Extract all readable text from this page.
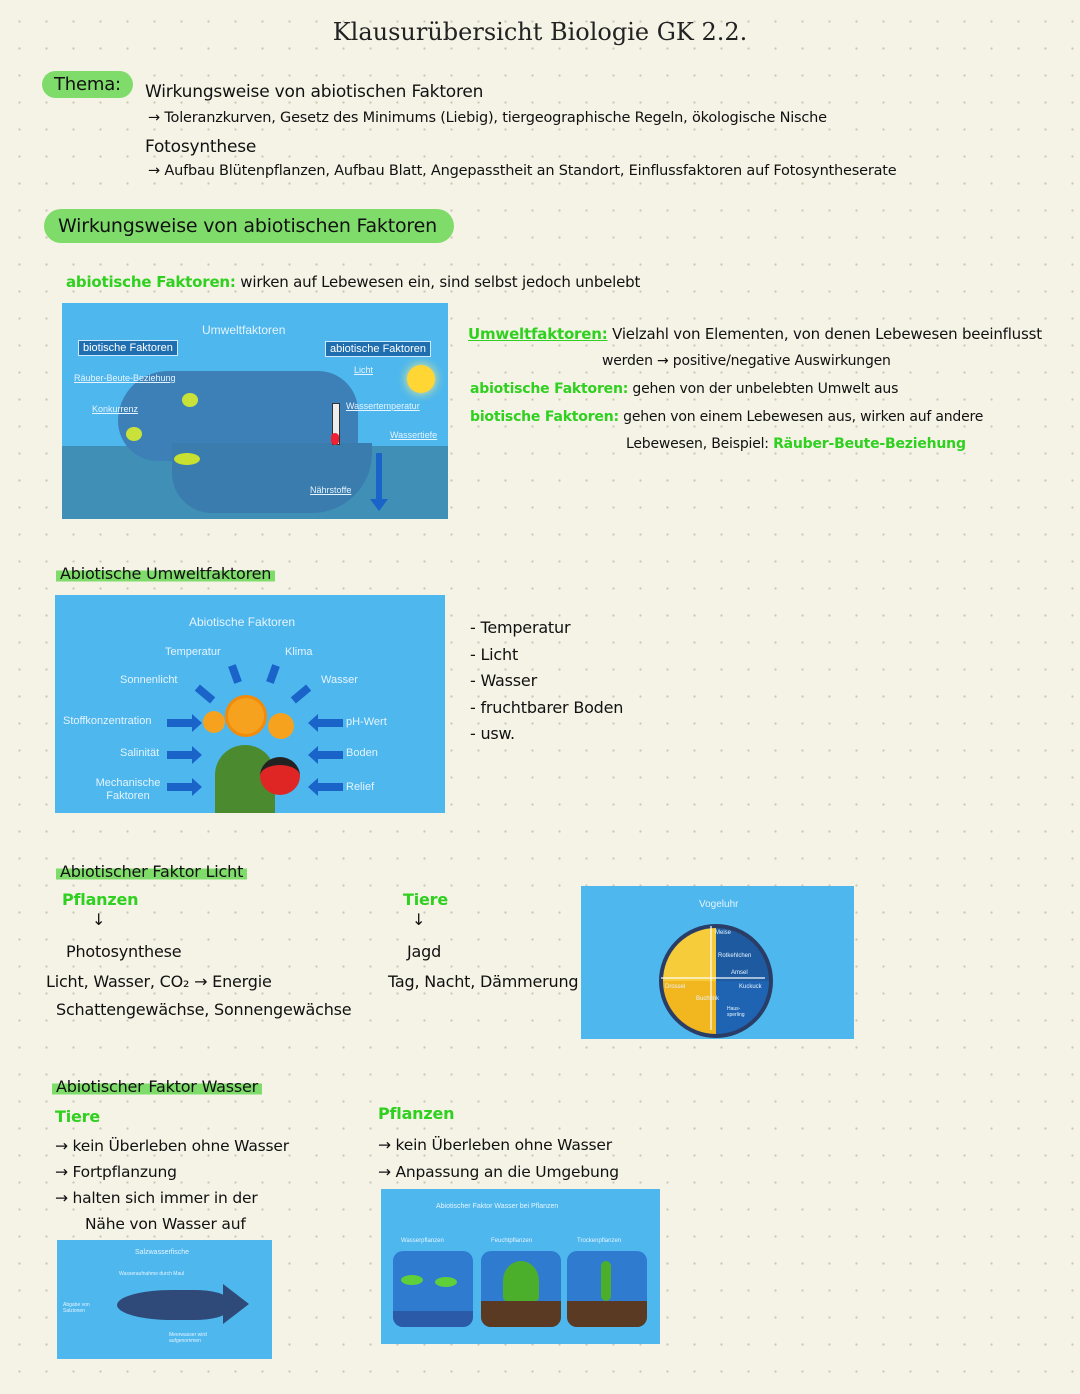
Klausurübersicht Biologie GK 2.2.
Thema:	Wirkungsweise von abiotischen Faktoren
→ Toleranzkurven, Gesetz des Minimums (Liebig), tiergeographische Regeln, ökologische Nische
Fotosynthese
→ Aufbau Blütenpflanzen, Aufbau Blatt, Angepasstheit an Standort, Einflussfaktoren auf Fotosyntheserate
Wirkungsweise von abiotischen Faktoren
abiotische Faktoren: wirken auf Lebewesen ein, sind selbst jedoch unbelebt
Umweltfaktoren
biotische Faktoren	abiotische Faktoren
Räuber-Beute-Beziehung
Konkurrenz
Licht
Wassertemperatur
Wassertiefe
Nährstoffe
Umweltfaktoren: Vielzahl von Elementen, von denen Lebewesen beeinflusst
werden → positive/negative Auswirkungen
abiotische Faktoren: gehen von der unbelebten Umwelt aus
biotische Faktoren: gehen von einem Lebewesen aus, wirken auf andere
Lebewesen, Beispiel: Räuber-Beute-Beziehung
Abiotische Umweltfaktoren
Abiotische Faktoren
Temperatur	Klima
Sonnenlicht	Wasser
Stoffkonzentration	pH-Wert
Salinität	Boden
Mechanische Faktoren
Relief
- Temperatur
- Licht
- Wasser
- fruchtbarer Boden
- usw.
Abiotischer Faktor Licht
Pflanzen
↓
Photosynthese
Licht, Wasser, CO₂ → Energie
Schattengewächse, Sonnengewächse
Tiere
↓
Jagd
Tag, Nacht, Dämmerung
Vogeluhr
Meise
Rotkehlchen
Amsel
Kuckuck
Buchfink
Haus-sperling
Drossel
Abiotischer Faktor Wasser
Tiere
→ kein Überleben ohne Wasser
→ Fortpflanzung
→ halten sich immer in der
Nähe von Wasser auf
Pflanzen
→ kein Überleben ohne Wasser
→ Anpassung an die Umgebung
Salzwasserfische
Wasseraufnahme durch Maul
Abgabe von Salzionen
Meerwasser wird aufgenommen
Abiotischer Faktor Wasser bei Pflanzen
Wasserpflanzen	Feuchtpflanzen	Trockenpflanzen
